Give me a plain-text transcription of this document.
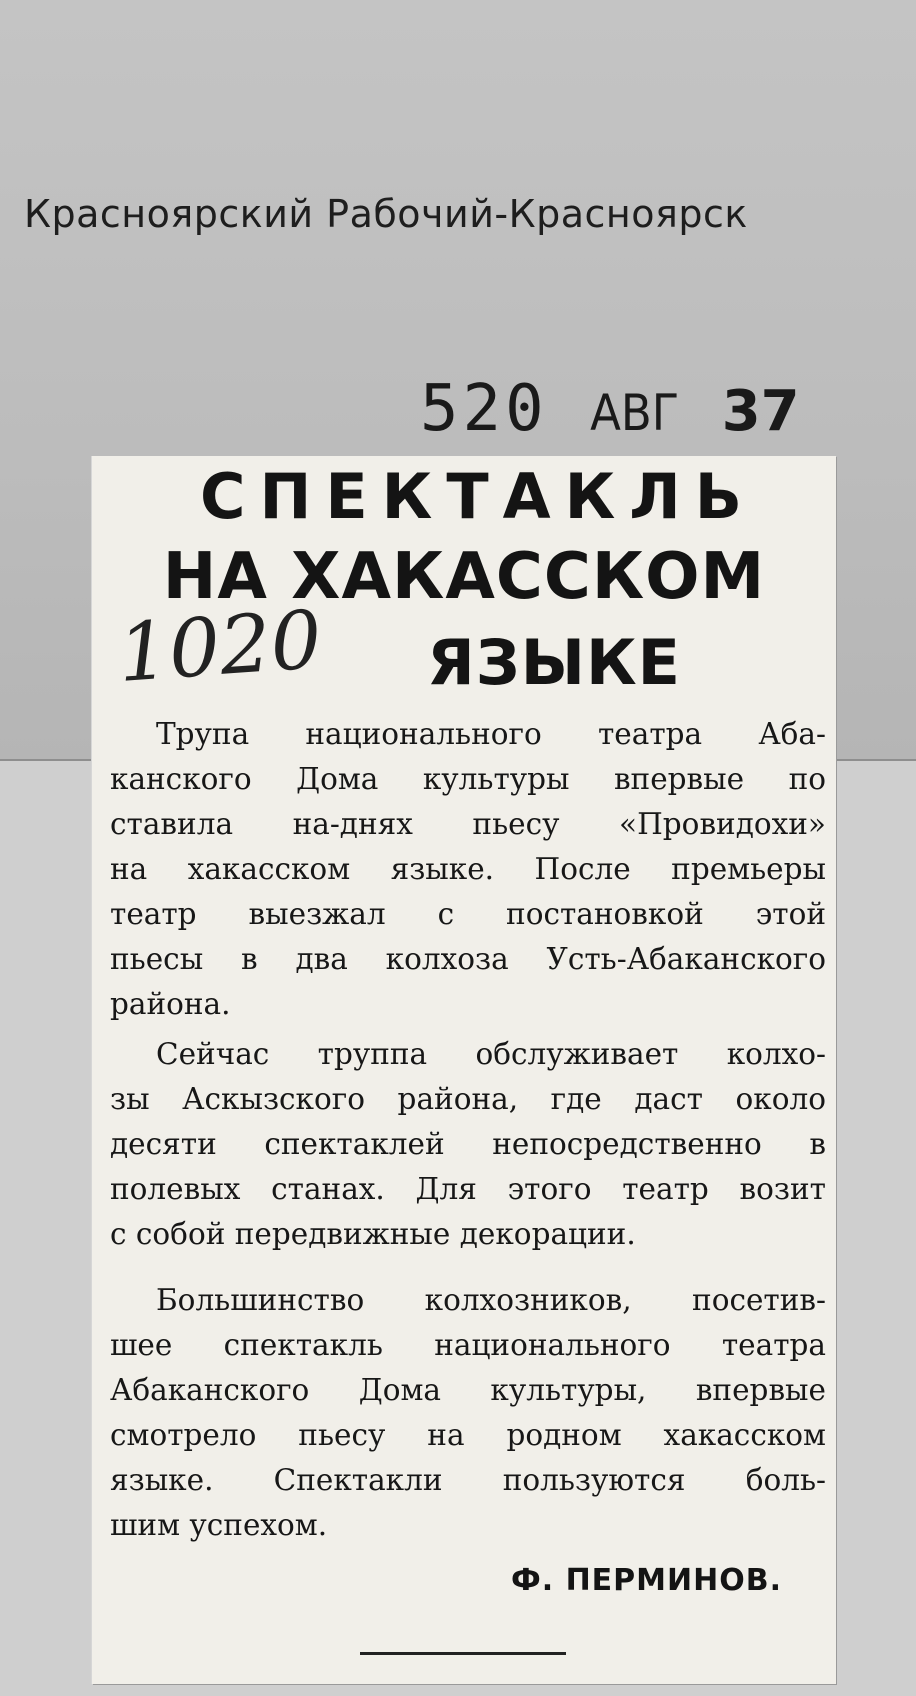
Красноярский Рабочий-Красноярск
520 АВГ 37
СПЕКТАКЛЬ
НА ХАКАССКОМ
ЯЗЫКЕ
Трупа национального театра Аба-
канского Дома культуры впервые по
ставила на-днях пьесу «Провидохи»
на хакасском языке. После премьеры
театр выезжал с постановкой этой
пьесы в два колхоза Усть-Абаканского
района.
Сейчас труппа обслуживает колхо-
зы Аскызского района, где даст около
десяти спектаклей непосредственно в
полевых станах. Для этого театр возит
с собой передвижные декорации.
Большинство колхозников, посетив-
шее спектакль национального театра
Абаканского Дома культуры, впервые
смотрело пьесу на родном хакасском
языке. Спектакли пользуются боль-
шим успехом.
Ф. ПЕРМИНОВ.
1020
